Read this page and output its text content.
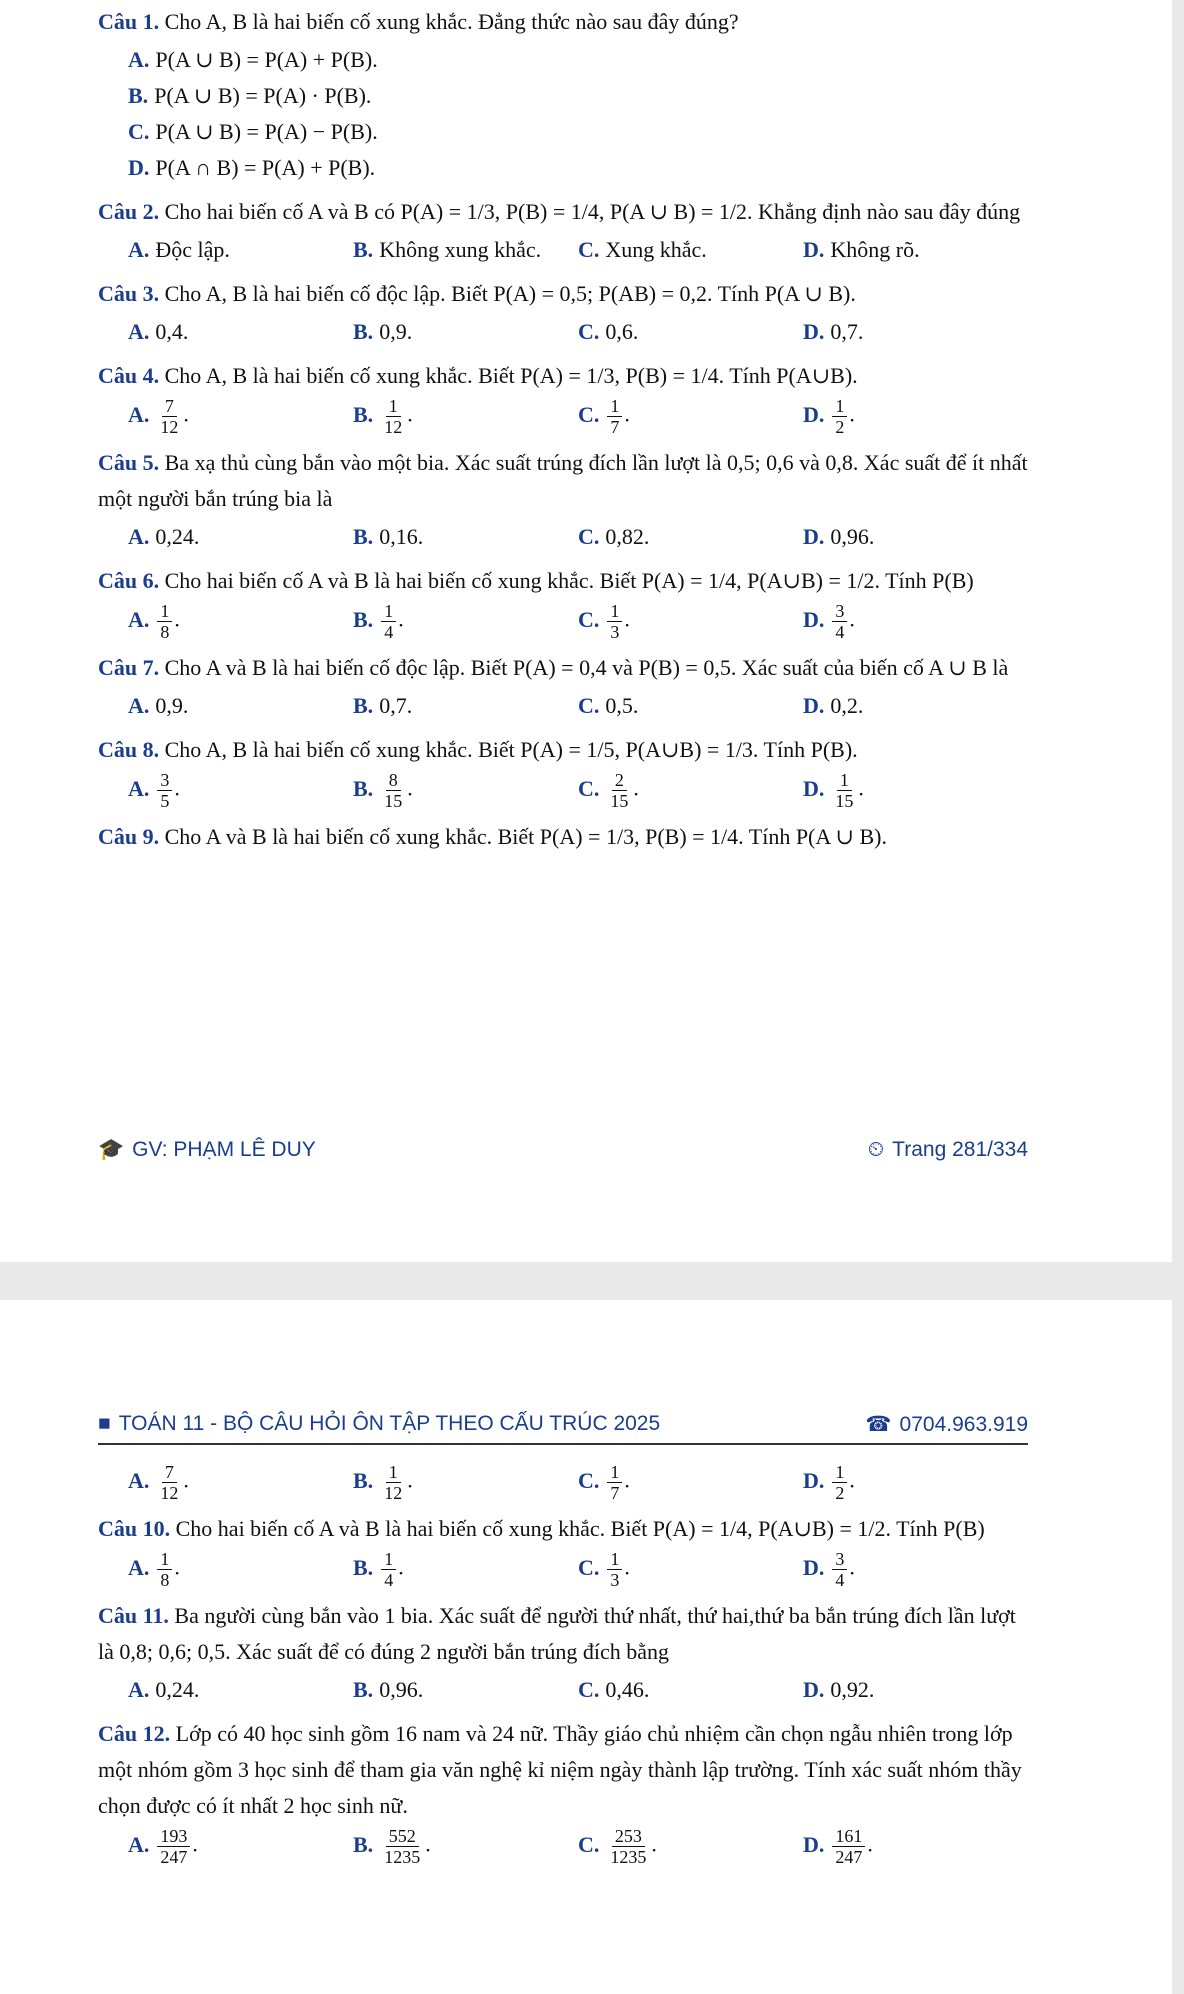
Câu 1. Cho A, B là hai biến cố xung khắc. Đẳng thức nào sau đây đúng?

A. P(A ∪ B) = P(A) + P(B).
B. P(A ∪ B) = P(A) · P(B).
C. P(A ∪ B) = P(A) − P(B).
D. P(A ∩ B) = P(A) + P(B).

Câu 2. Cho hai biến cố A và B có P(A) = 1/3, P(B) = 1/4, P(A ∪ B) = 1/2. Khẳng định nào sau đây đúng

A. Độc lập.	B. Không xung khắc.	C. Xung khắc.	D. Không rõ.

Câu 3. Cho A, B là hai biến cố độc lập. Biết P(A) = 0,5; P(AB) = 0,2. Tính P(A ∪ B).

A. 0,4.	B. 0,9.	C. 0,6.	D. 0,7.

Câu 4. Cho A, B là hai biến cố xung khắc. Biết P(A) = 1/3, P(B) = 1/4. Tính P(A∪B).

A. $\frac{7}{12}$ .	B. $\frac{1}{12}$ .	C. $\frac{1}{7}$ .	D. $\frac{1}{2}$ .

Câu 5. Ba xạ thủ cùng bắn vào một bia. Xác suất trúng đích lần lượt là 0,5; 0,6 và 0,8. Xác suất để ít nhất một người bắn trúng bia là

A. 0,24.	B. 0,16.	C. 0,82.	D. 0,96.

Câu 6. Cho hai biến cố A và B là hai biến cố xung khắc. Biết P(A) = 1/4, P(A∪B) = 1/2. Tính P(B)

A. $\frac{1}{8}$ .	B. $\frac{1}{4}$ .	C. $\frac{1}{3}$ .	D. $\frac{3}{4}$ .

Câu 7. Cho A và B là hai biến cố độc lập. Biết P(A) = 0,4 và P(B) = 0,5. Xác suất của biến cố A ∪ B là

A. 0,9.	B. 0,7.	C. 0,5.	D. 0,2.

Câu 8. Cho A, B là hai biến cố xung khắc. Biết P(A) = 1/5, P(A∪B) = 1/3. Tính P(B).

A. $\frac{3}{5}$ .	B. $\frac{8}{15}$ .	C. $\frac{2}{15}$ .	D. $\frac{1}{15}$ .

Câu 9. Cho A và B là hai biến cố xung khắc. Biết P(A) = 1/3, P(B) = 1/4. Tính P(A ∪ B).

🎓 GV: PHẠM LÊ DUY	⏲ Trang 281/334
■ TOÁN 11 - BỘ CÂU HỎI ÔN TẬP THEO CẤU TRÚC 2025	☎ 0704.963.919
A. $\frac{7}{12}$ .	B. $\frac{1}{12}$ .	C. $\frac{1}{7}$ .	D. $\frac{1}{2}$ .

Câu 10. Cho hai biến cố A và B là hai biến cố xung khắc. Biết P(A) = 1/4, P(A∪B) = 1/2. Tính P(B)

A. $\frac{1}{8}$ .	B. $\frac{1}{4}$ .	C. $\frac{1}{3}$ .	D. $\frac{3}{4}$ .

Câu 11. Ba người cùng bắn vào 1 bia. Xác suất để người thứ nhất, thứ hai,thứ ba bắn trúng đích lần lượt là 0,8; 0,6; 0,5. Xác suất để có đúng 2 người bắn trúng đích bằng

A. 0,24.	B. 0,96.	C. 0,46.	D. 0,92.

Câu 12. Lớp có 40 học sinh gồm 16 nam và 24 nữ. Thầy giáo chủ nhiệm cần chọn ngẫu nhiên trong lớp một nhóm gồm 3 học sinh để tham gia văn nghệ kỉ niệm ngày thành lập trường. Tính xác suất nhóm thầy chọn được có ít nhất 2 học sinh nữ.

A. $\frac{193}{247}$ .	B. $\frac{552}{1235}$ .	C. $\frac{253}{1235}$ .	D. $\frac{161}{247}$ .
